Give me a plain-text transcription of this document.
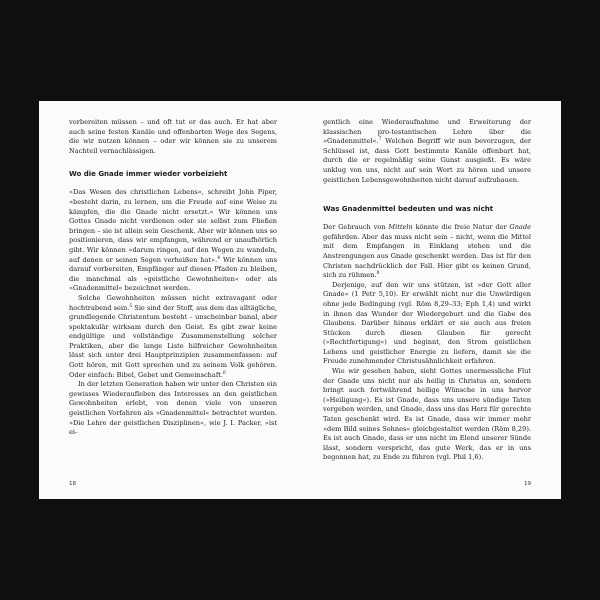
vorbereiten müssen – und oft tut er das auch. Er hat aber auch seine festen Kanäle und offenbarten Wege des Segens, die wir nutzen können – oder wir können sie zu unserem Nachteil vernachlässigen.

Wo die Gnade immer wieder vorbeizieht

»Das Wesen des christlichen Lebens«, schreibt John Piper, »besteht darin, zu lernen, um die Freude auf eine Weise zu kämpfen, die die Gnade nicht ersetzt.« Wir können uns Gottes Gnade nicht verdienen oder sie selbst zum Fließen bringen – sie ist allein sein Geschenk. Aber wir können uns so positionieren, dass wir empfangen, während er unaufhörlich gibt. Wir können »darum ringen, auf den Wegen zu wandeln, auf denen er seinen Segen verheißen hat«.$^4$ Wir können uns darauf vorbereiten, Empfänger auf diesen Pfaden zu bleiben, die manchmal als »geistliche Gewohnheiten« oder als »Gnadenmittel« bezeichnet werden.

Solche Gewohnheiten müssen nicht extravagant oder hochtrabend sein.$^5$ Sie sind der Stoff, aus dem das alltägliche, grundlegende Christentum besteht – unscheinbar banal, aber spektakulär wirksam durch den Geist. Es gibt zwar keine endgültige und vollständige Zusammenstellung solcher Praktiken, aber die lange Liste hilfreicher Gewohnheiten lässt sich unter drei Hauptprinzipien zusammenfassen: auf Gott hören, mit Gott sprechen und zu seinem Volk gehören. Oder einfach: Bibel, Gebet und Gemeinschaft.$^6$

In der letzten Generation haben wir unter den Christen ein gewisses Wiederaufleben des Interesses an den geistlichen Gewohnheiten erlebt, von denen viele von unseren geistlichen Vorfahren als »Gnadenmittel« betrachtet wurden. »Die Lehre der geistlichen Disziplinen«, wie J. I. Packer, »ist ei-

18

gentlich eine Wiederaufnahme und Erweiterung der klassischen pro-testantischen Lehre über die »Gnadenmittel«.$^7$ Welchen Begriff wir nun bevorzugen, der Schlüssel ist, dass Gott bestimmte Kanäle offenbart hat, durch die er regelmäßig seine Gunst ausgießt. Es wäre unklug von uns, nicht auf sein Wort zu hören und unsere geistlichen Lebensgewohnheiten nicht darauf aufzubauen.

Was Gnadenmittel bedeuten und was nicht

Der Gebrauch von Mitteln könnte die freie Natur der Gnade gefährden. Aber das muss nicht sein – nicht, wenn die Mittel mit dem Empfangen in Einklang stehen und die Anstrengungen aus Gnade geschenkt werden. Das ist für den Christen nachdrücklich der Fall. Hier gibt es keinen Grund, sich zu rühmen.$^8$

Derjenige, auf den wir uns stützen, ist »der Gott aller Gnade« (1 Petr 5,10). Er erwählt nicht nur die Unwürdigen ohne jede Bedingung (vgl. Röm 8,29–33; Eph 1,4) und wirkt in ihnen das Wunder der Wiedergeburt und die Gabe des Glaubens. Darüber hinaus erklärt er sie auch aus freien Stücken durch diesen Glauben für gerecht (»Rechtfertigung«) und beginnt, den Strom geistlichen Lebens und geistlicher Energie zu liefern, damit sie die Freude zunehmender Christusähnlichkeit erfahren.

Wie wir gesehen haben, sieht Gottes unermessliche Flut der Gnade uns nicht nur als heilig in Christus an, sondern bringt auch fortwährend heilige Wünsche in uns hervor (»Heiligung«). Es ist Gnade, dass uns unsere sündige Taten vergeben werden, und Gnade, dass uns das Herz für gerechte Taten geschenkt wird. Es ist Gnade, dass wir immer mehr »dem Bild seines Sohnes« gleichgestaltet werden (Röm 8,29). Es ist auch Gnade, dass er uns nicht im Elend unserer Sünde lässt, sondern verspricht, das gute Werk, das er in uns begonnen hat, zu Ende zu führen (vgl. Phil 1,6).

19
